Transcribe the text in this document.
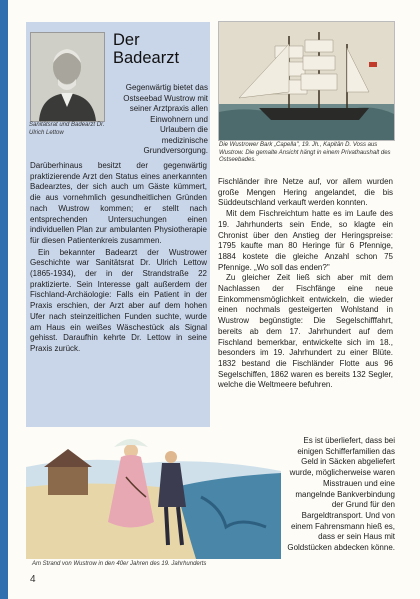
Sanitätsrat und Badearzt Dr. Ulrich Lettow
Der
Badearzt
Gegenwärtig bietet das Ostseebad Wustrow mit seiner Arztpraxis allen Einwohnern und Urlaubern die medizinische Grundversorgung.

Darüberhinaus besitzt der gegenwärtig praktizierende Arzt den Status eines anerkannten Badearztes, der sich auch um Gäste kümmert, die aus vornehmlich gesundheitlichen Gründen nach Wustrow kommen; er stellt nach entsprechenden Untersuchungen einen individuellen Plan zur ambulanten Physiotherapie für diesen Patientenkreis zusammen.

Ein bekannter Badearzt der Wustrower Geschichte war Sanitätsrat Dr. Ulrich Lettow (1865-1934), der in der Strandstraße 22 praktizierte. Sein Interesse galt außerdem der Fischland-Archäologie: Falls ein Patient in der Praxis erschien, der Arzt aber auf dem hohen Ufer nach steinzeitlichen Funden suchte, wurde am Haus ein weißes Wäschestück als Signal gehisst. Daraufhin kehrte Dr. Lettow in seine Praxis zurück.

Die Wustrower Bark „Capella", 19. Jh., Kapitän D. Voss aus Wustrow. Die gemalte Ansicht hängt in einem Privathaushalt des Ostseebades.

Fischländer ihre Netze auf, vor allem wurden große Mengen Hering angelandet, die bis Süddeutschland verkauft werden konnten.

Mit dem Fischreichtum hatte es im Laufe des 19. Jahrhunderts sein Ende, so klagte ein Chronist über den Anstieg der Heringspreise: 1795 kaufte man 80 Heringe für 6 Pfennige, 1884 kostete die gleiche Anzahl schon 75 Pfennige. „Wo soll das enden?"

Zu gleicher Zeit ließ sich aber mit dem Nachlassen der Fischfänge eine neue Einkommensmöglichkeit entwickeln, die wieder einen nochmals gesteigerten Wohlstand in Wustrow begünstigte: Die Segelschifffahrt, bereits ab dem 17. Jahrhundert auf dem Fischland bemerkbar, entwickelte sich im 18., besonders im 19. Jahrhundert zu einer Blüte. 1832 bestand die Fischländer Flotte aus 96 Segelschiffen, 1862 waren es bereits 132 Segler, welche die Weltmeere befuhren.

Es ist überliefert, dass bei einigen Schifferfamilien das Geld in Säcken abgeliefert wurde, möglicherweise waren Misstrauen und eine mangelnde Bankverbindung der Grund für den Bargeldtransport. Und von einem Fahrensmann hieß es, dass er sein Haus mit Goldstücken abdecken könne.
Am Strand von Wustrow in den 40er Jahren des 19. Jahrhunderts
4
